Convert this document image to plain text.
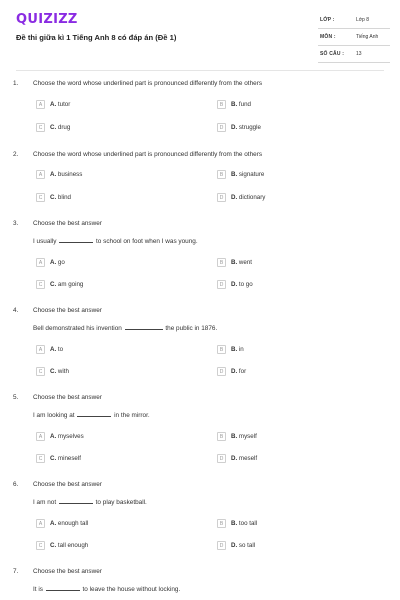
QUIZIZZ
Đề thi giữa kì 1 Tiếng Anh 8 có đáp án (Đề 1)
LỚP :	Lớp 8
MÔN :	Tiếng Anh
SỐ CÂU : 13
1. Choose the word whose underlined part is pronounced differently from the others
A	A. tutor	B	B. fund
C	C. drug	D	D. struggle
2. Choose the word whose underlined part is pronounced differently from the others
A	A. business	B	B. signature
C	C. blind	D	D. dictionary
3. Choose the best answer
I usually	to school on foot when I was young.
A	A. go	B	B. went
C	C. am going	D	D. to go
4. Choose the best answer
Bell demonstrated his invention	the public in 1876.
A	A. to	B	B. in
C	C. with	D	D. for
5. Choose the best answer
I am looking at	in the mirror.
A	A. myselves	B	B. myself
C	C. mineself	D	D. meself
6. Choose the best answer
I am not	to play basketball.
A	A. enough tall	B	B. too tall
C	C. tall enough	D	D. so tall
7. Choose the best answer
It is	to leave the house without locking.
